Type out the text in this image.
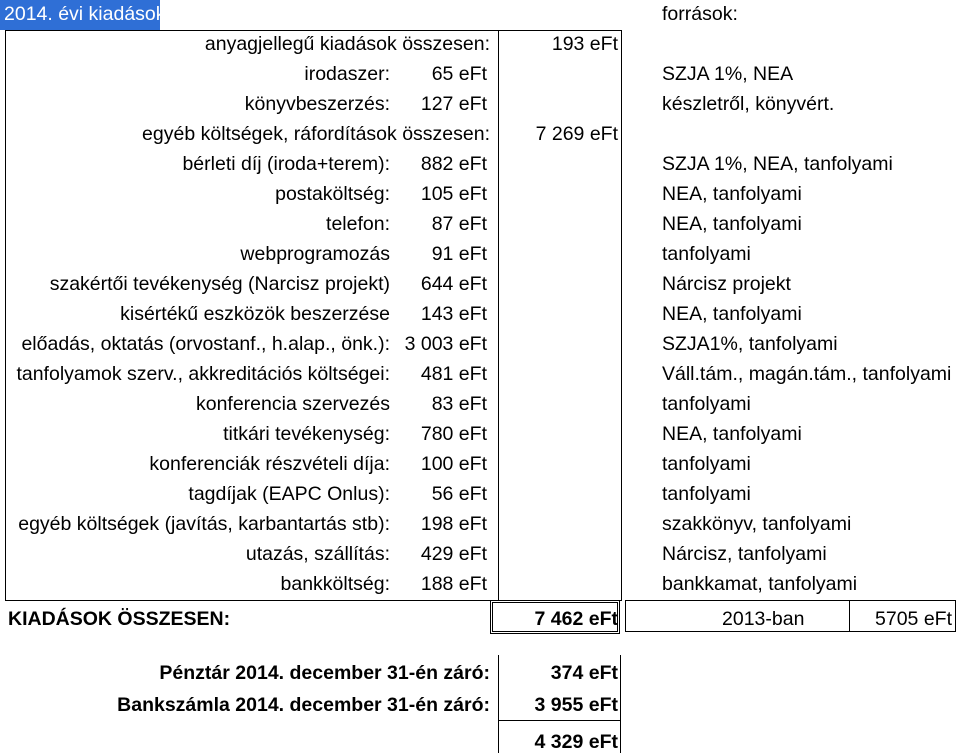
2014. évi kiadások:	források:
anyagjellegű kiadások összesen:	193 eFt
egyéb költségek, ráfordítások összesen: 7 269 eFt
irodaszer: 65 eFt	SZJA 1%, NEA
könyvbeszerzés: 127 eFt	készletről, könyvért.
bérleti díj (iroda+terem): 882 eFt	SZJA 1%, NEA, tanfolyami
postaköltség: 105 eFt	NEA, tanfolyami
telefon: 87 eFt	NEA, tanfolyami
webprogramozás 91 eFt	tanfolyami
szakértői tevékenység (Narcisz projekt) 644 eFt	Nárcisz projekt
kisértékű eszközök beszerzése 143 eFt	NEA, tanfolyami
előadás, oktatás (orvostanf., h.alap., önk.): 3 003 eFt	SZJA1%, tanfolyami
tanfolyamok szerv., akkreditációs költségei: 481 eFt	Váll.tám., magán.tám., tanfolyami
konferencia szervezés 83 eFt	tanfolyami
titkári tevékenység: 780 eFt	NEA, tanfolyami
konferenciák részvételi díja: 100 eFt	tanfolyami
tagdíjak (EAPC Onlus): 56 eFt	tanfolyami
egyéb költségek (javítás, karbantartás stb): 198 eFt	szakkönyv, tanfolyami
utazás, szállítás: 429 eFt	Nárcisz, tanfolyami
bankköltség: 188 eFt	bankkamat, tanfolyami
KIADÁSOK ÖSSZESEN:	7 462 eFt	2013-ban	5705 eFt
Pénztár 2014. december 31-én záró:	374 eFt
Bankszámla 2014. december 31-én záró: 3 955 eFt
4 329 eFt
